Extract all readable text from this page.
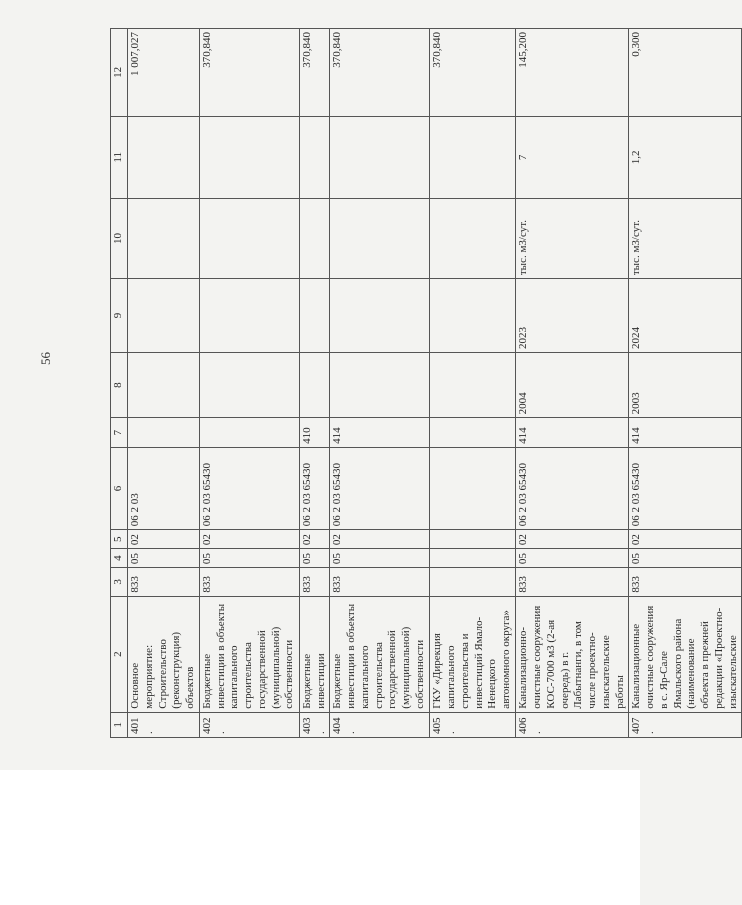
56
1	2	3	4	5	6	7	8	9	10	11	12
401.	Основное мероприятие: Строительство (реконструкция) объектов	833	05	02	06 2 03						1 007,027
402.	Бюджетные инвестиции в объекты капитального строительства государственной (муниципальной) собственности	833	05	02	06 2 03 65430						370,840
403.	Бюджетные инвестиции	833	05	02	06 2 03 65430	410					370,840
404.	Бюджетные инвестиции в объекты капитального строительства государственной (муниципальной) собственности	833	05	02	06 2 03 65430	414					370,840
405.	ГКУ «Дирекция капитального строительства и инвестиций Ямало-Ненецкого автономного округа»										370,840
406.	Канализационно-очистные сооружения КОС-7000 м3 (2-ая очередь) в г. Лабытнанги, в том числе проектно-изыскательские работы	833	05	02	06 2 03 65430	414	2004	2023	тыс. м3/сут.	7	145,200
407.	Канализационные очистные сооружения в с. Яр-Сале Ямальского района (наименование объекта в прежней редакции «Проектно-изыскательские	833	05	02	06 2 03 65430	414	2003	2024	тыс. м3/сут.	1,2	0,300
